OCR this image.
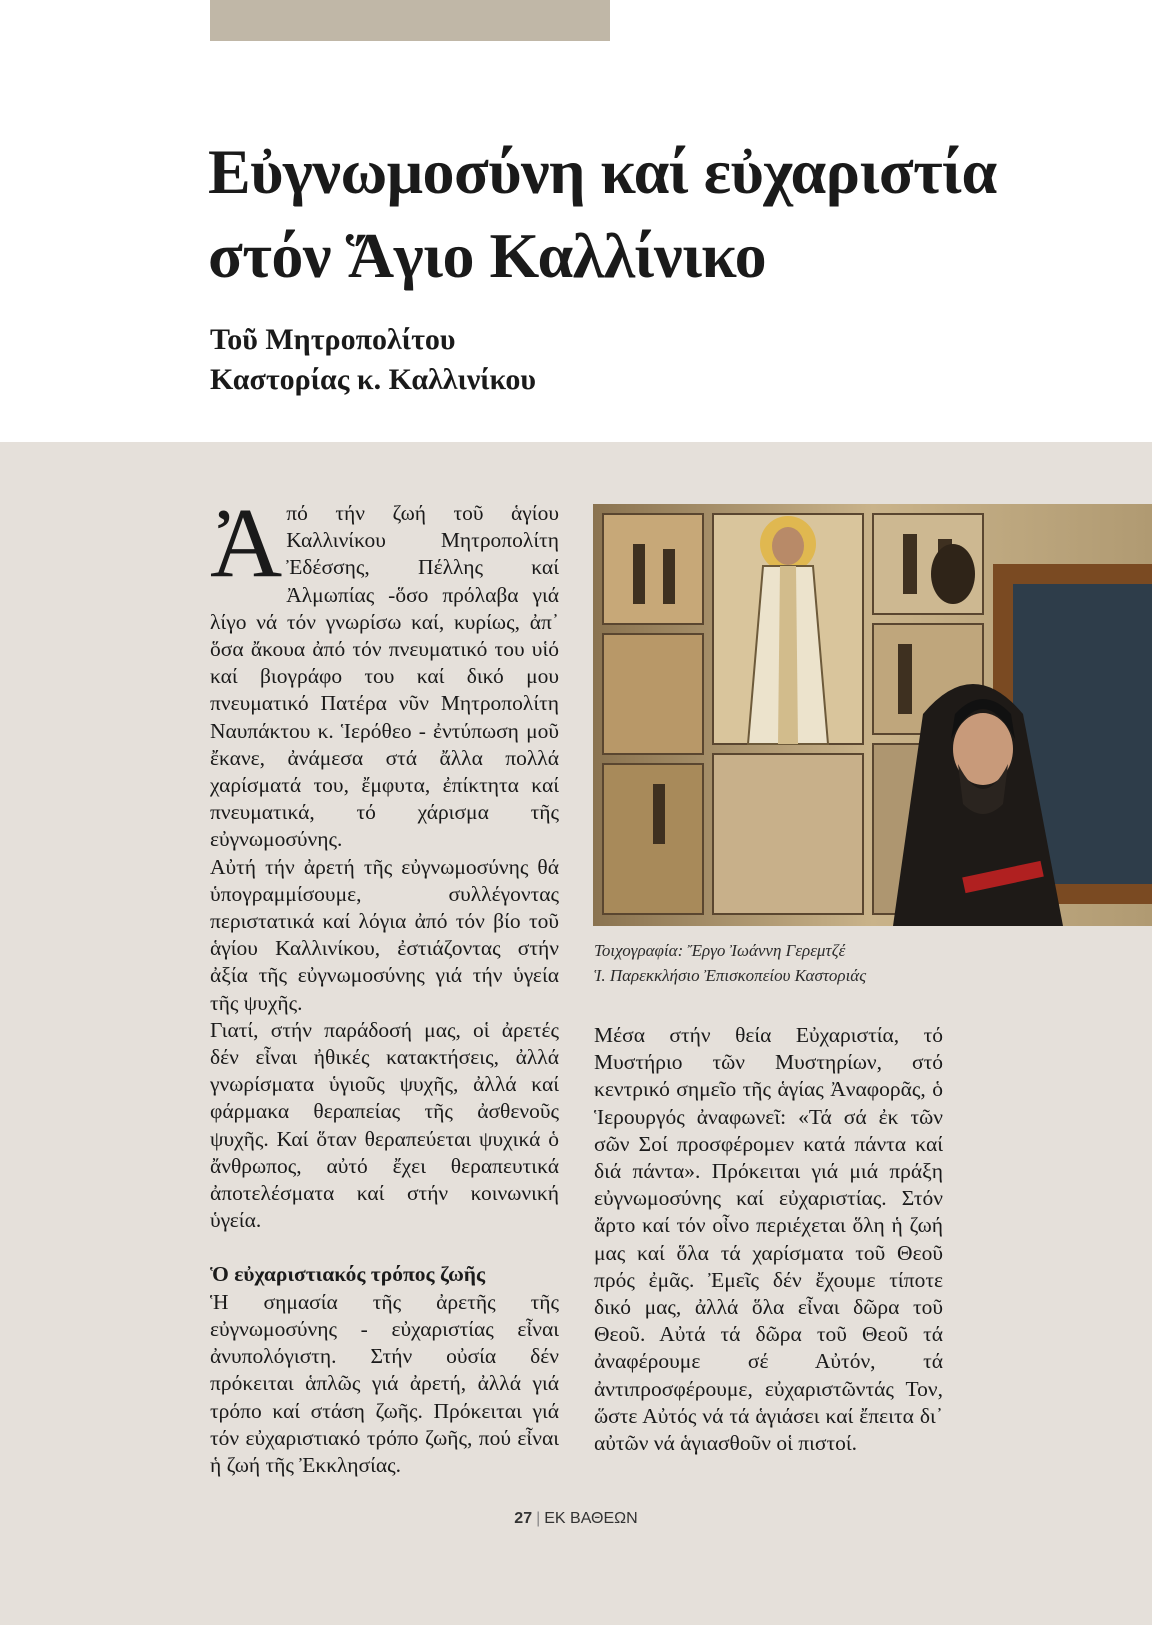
Εὐγνωμοσύνη καί εὐχαριστία
στόν Ἅγιο Καλλίνικο
Τοῦ Μητροπολίτου
Καστορίας κ. Καλλινίκου

Ἀπό τήν ζωή τοῦ ἁγίου Καλλινίκου Μητροπολίτη Ἐδέσσης, Πέλλης καί Ἀλμωπίας -ὅσο πρόλαβα γιά λίγο νά τόν γνωρίσω καί, κυρίως, ἀπ᾽ ὅσα ἄκουα ἀπό τόν πνευματικό του υἱό καί βιογράφο του καί δικό μου πνευματικό Πατέρα νῦν Μητροπολίτη Ναυπάκτου κ. Ἱερόθεο - ἐντύπωση μοῦ ἔκανε, ἀνάμεσα στά ἄλλα πολλά χαρίσματά του, ἔμφυτα, ἐπίκτητα καί πνευματικά, τό χάρισμα τῆς εὐγνωμοσύνης.

Αὐτή τήν ἀρετή τῆς εὐγνωμοσύνης θά ὑπογραμμίσουμε, συλλέγοντας περιστατικά καί λόγια ἀπό τόν βίο τοῦ ἁγίου Καλλινίκου, ἐστιάζοντας στήν ἀξία τῆς εὐγνωμοσύνης γιά τήν ὑγεία τῆς ψυχῆς.

Γιατί, στήν παράδοσή μας, οἱ ἀρετές δέν εἶναι ἠθικές κατακτήσεις, ἀλλά γνωρίσματα ὑγιοῦς ψυχῆς, ἀλλά καί φάρμακα θεραπείας τῆς ἀσθενοῦς ψυχῆς. Καί ὅταν θεραπεύεται ψυχικά ὁ ἄνθρωπος, αὐτό ἔχει θεραπευτικά ἀποτελέσματα καί στήν κοινωνική ὑγεία.

Ὁ εὐχαριστιακός τρόπος ζωῆς

Ἡ σημασία τῆς ἀρετῆς τῆς εὐγνωμοσύνης - εὐχαριστίας εἶναι ἀνυπολόγιστη. Στήν οὐσία δέν πρόκειται ἁπλῶς γιά ἀρετή, ἀλλά γιά τρόπο καί στάση ζωῆς. Πρόκειται γιά τόν εὐχαριστιακό τρόπο ζωῆς, πού εἶναι ἡ ζωή τῆς Ἐκκλησίας.

Τοιχογραφία: Ἔργο Ἰωάννη Γερεμτζέ
Ἱ. Παρεκκλήσιο Ἐπισκοπείου Καστοριάς

Μέσα στήν θεία Εὐχαριστία, τό Μυστήριο τῶν Μυστηρίων, στό κεντρικό σημεῖο τῆς ἁγίας Ἀναφορᾶς, ὁ Ἱερουργός ἀναφωνεῖ: «Τά σά ἐκ τῶν σῶν Σοί προσφέρομεν κατά πάντα καί διά πάντα». Πρόκειται γιά μιά πράξη εὐγνωμοσύνης καί εὐχαριστίας. Στόν ἄρτο καί τόν οἶνο περιέχεται ὅλη ἡ ζωή μας καί ὅλα τά χαρίσματα τοῦ Θεοῦ πρός ἐμᾶς. Ἐμεῖς δέν ἔχουμε τίποτε δικό μας, ἀλλά ὅλα εἶναι δῶρα τοῦ Θεοῦ. Αὐτά τά δῶρα τοῦ Θεοῦ τά ἀναφέρουμε σέ Αὐτόν, τά ἀντιπροσφέρουμε, εὐχαριστῶντάς Τον, ὥστε Αὐτός νά τά ἁγιάσει καί ἔπειτα δι᾽ αὐτῶν νά ἁγιασθοῦν οἱ πιστοί.

27 | ΕΚ ΒΑΘΕΩΝ
